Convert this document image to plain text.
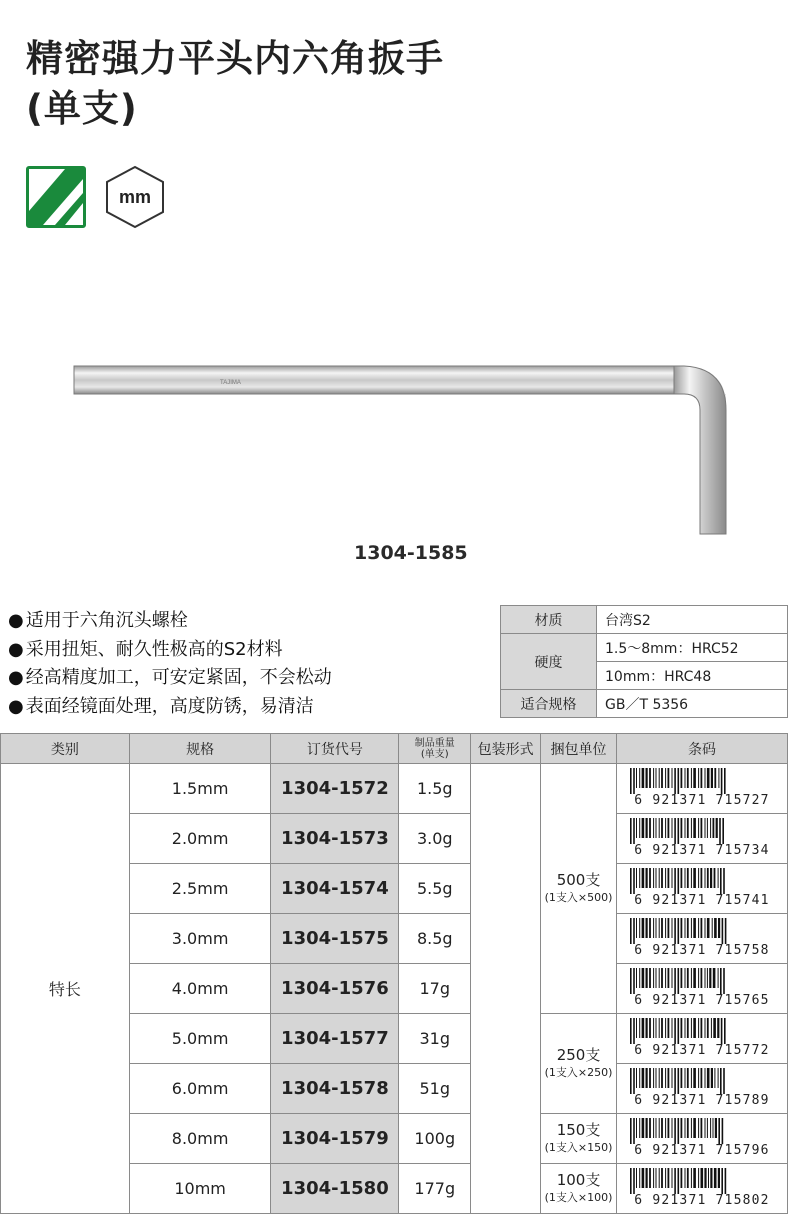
精密强力平头内六角扳手
(单支)
mm
TAJIMA
1304-1585
● 适用于六角沉头螺栓
● 采用扭矩、耐久性极高的S2材料
● 经高精度加工，可安定紧固，不会松动
● 表面经镜面处理，高度防锈，易清洁
材质	台湾S2
硬度	1.5～8mm：HRC52
	10mm：HRC48
适合规格	GB／T 5356
类别	规格	订货代号	制品重量
(单支)	包装形式	捆包单位	条码
特长	1.5mm	1304-1572	1.5g		500支
(1支入×500)	6 921371 715727

	2.0mm	1304-1573	3.0g			6 921371 715734

	2.5mm	1304-1574	5.5g			6 921371 715741

	3.0mm	1304-1575	8.5g			6 921371 715758

	4.0mm	1304-1576	17g			6 921371 715765

	5.0mm	1304-1577	31g		250支
(1支入×250)	6 921371 715772

	6.0mm	1304-1578	51g			6 921371 715789

	8.0mm	1304-1579	100g		150支
(1支入×150)	6 921371 715796

	10mm	1304-1580	177g		100支
(1支入×100)	6 921371 715802
